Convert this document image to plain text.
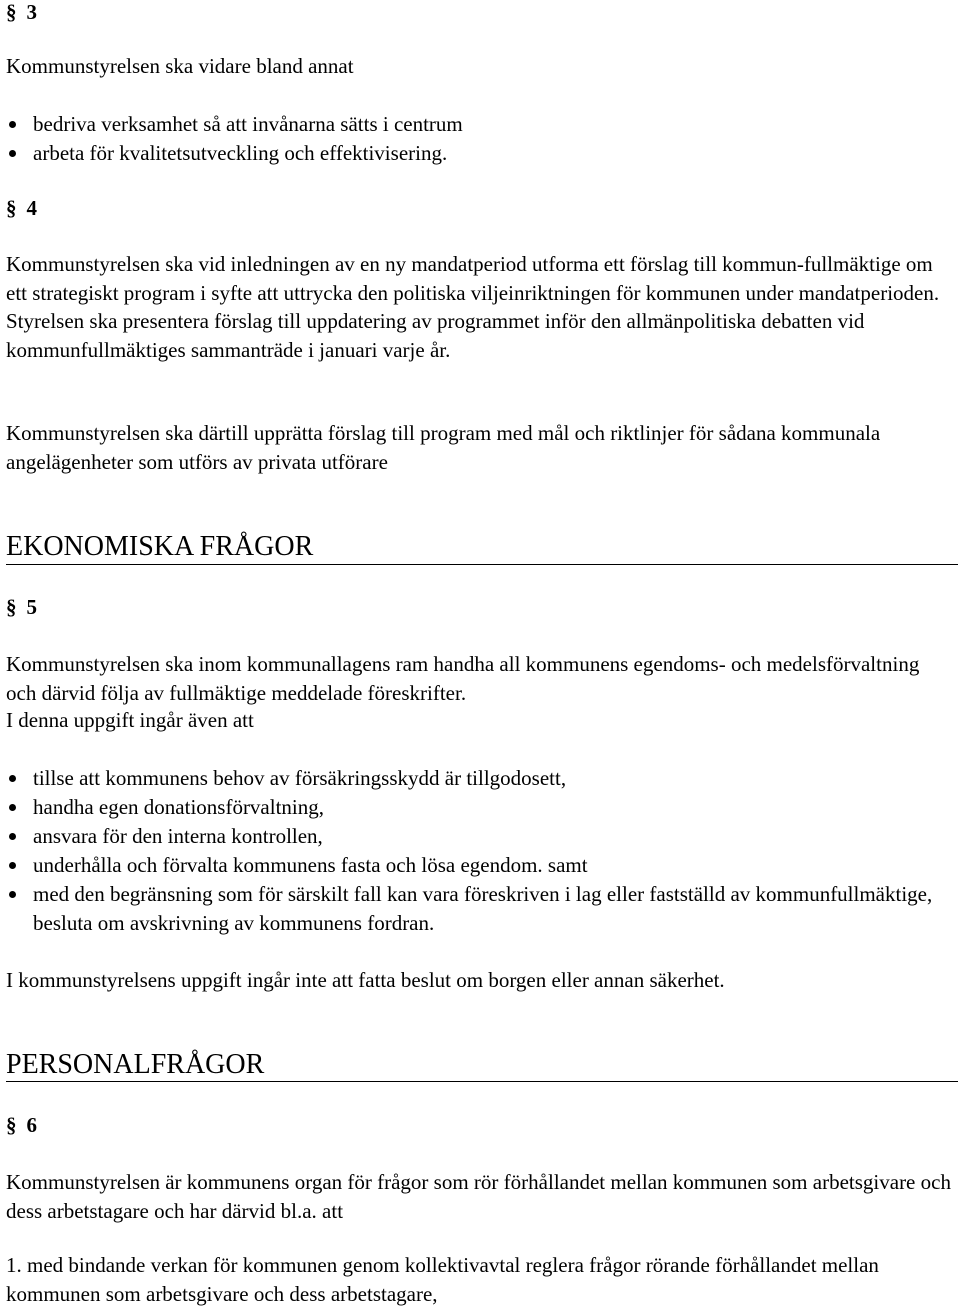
§ 3

Kommunstyrelsen ska vidare bland annat

bedriva verksamhet så att invånarna sätts i centrum

arbeta för kvalitetsutveckling och effektivisering.

§ 4

Kommunstyrelsen ska vid inledningen av en ny mandatperiod utforma ett förslag till kommun-fullmäktige om ett strategiskt program i syfte att uttrycka den politiska viljeinriktningen för kommunen under mandatperioden. Styrelsen ska presentera förslag till uppdatering av programmet inför den allmänpolitiska debatten vid kommunfullmäktiges sammanträde i januari varje år.

Kommunstyrelsen ska därtill upprätta förslag till program med mål och riktlinjer för sådana kommunala angelägenheter som utförs av privata utförare

EKONOMISKA FRÅGOR
§ 5

Kommunstyrelsen ska inom kommunallagens ram handha all kommunens egendoms- och medelsförvaltning och därvid följa av fullmäktige meddelade föreskrifter.

I denna uppgift ingår även att

tillse att kommunens behov av försäkringsskydd är tillgodosett,

handha egen donationsförvaltning,

ansvara för den interna kontrollen,

underhålla och förvalta kommunens fasta och lösa egendom. samt

med den begränsning som för särskilt fall kan vara föreskriven i lag eller fastställd av kommunfullmäktige, besluta om avskrivning av kommunens fordran.

I kommunstyrelsens uppgift ingår inte att fatta beslut om borgen eller annan säkerhet.

PERSONALFRÅGOR
§ 6

Kommunstyrelsen är kommunens organ för frågor som rör förhållandet mellan kommunen som arbetsgivare och dess arbetstagare och har därvid bl.a. att

1. med bindande verkan för kommunen genom kollektivavtal reglera frågor rörande förhållandet mellan kommunen som arbetsgivare och dess arbetstagare,
